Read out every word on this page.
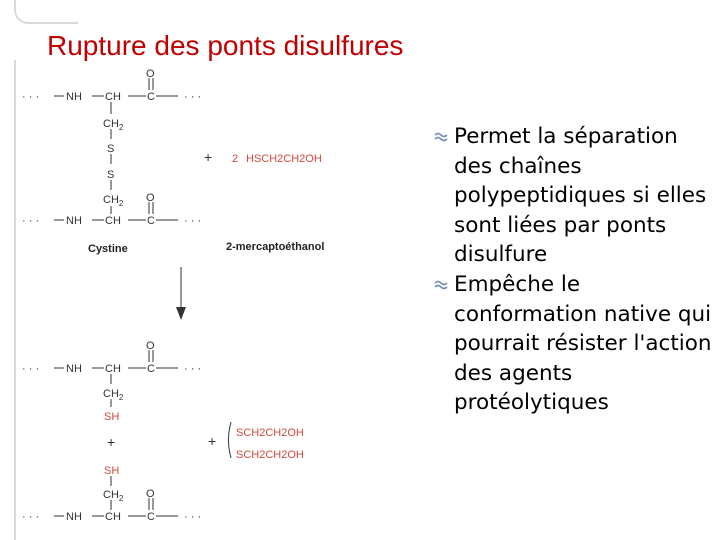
Rupture des ponts disulfures
· · · NH CH C
O
· · ·
$CH_2$
S
S
$CH_2$ O
· · · NH CH C	· · ·
+ 2 HSCH2CH2OH
Cystine	2-mercaptoéthanol
O
· · · NH CH C	· · ·
$CH_2$
SH
+
SH
$CH_2$ O
· · · NH CH C	· · ·
+ SCH2CH2OH
SCH2CH2OH
Permet la séparation des chaînes polypeptidiques si elles sont liées par ponts disulfure
Empêche le conformation native qui pourrait résister l'action des agents protéolytiques
